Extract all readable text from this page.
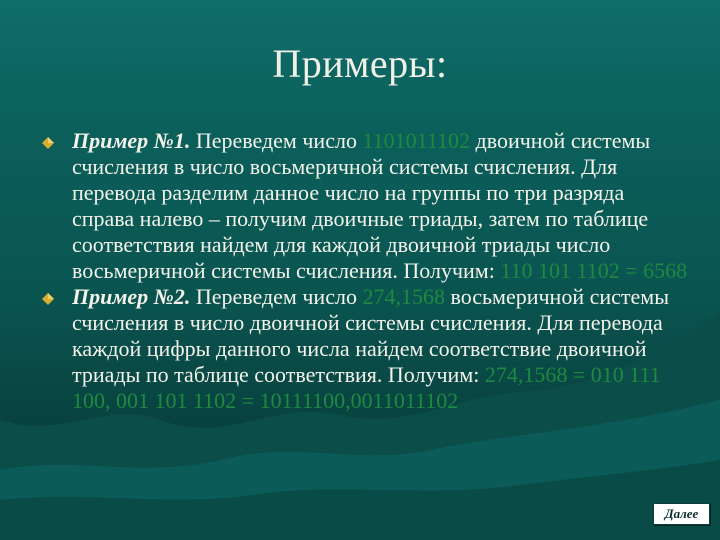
Примеры:
Пример №1. Переведем число 1101011102 двоичной системы счисления в число восьмеричной системы счисления. Для перевода разделим данное число на группы по три разряда справа налево – получим двоичные триады, затем по таблице соответствия найдем для каждой двоичной триады число восьмеричной системы счисления. Получим: 110 101 1102 = 6568
Пример №2. Переведем число 274,1568 восьмеричной системы счисления в число двоичной системы счисления. Для перевода каждой цифры данного числа найдем соответствие двоичной триады по таблице соответствия. Получим: 274,1568 = 010 111 100, 001 101 1102 = 10111100,0011011102
Далее
